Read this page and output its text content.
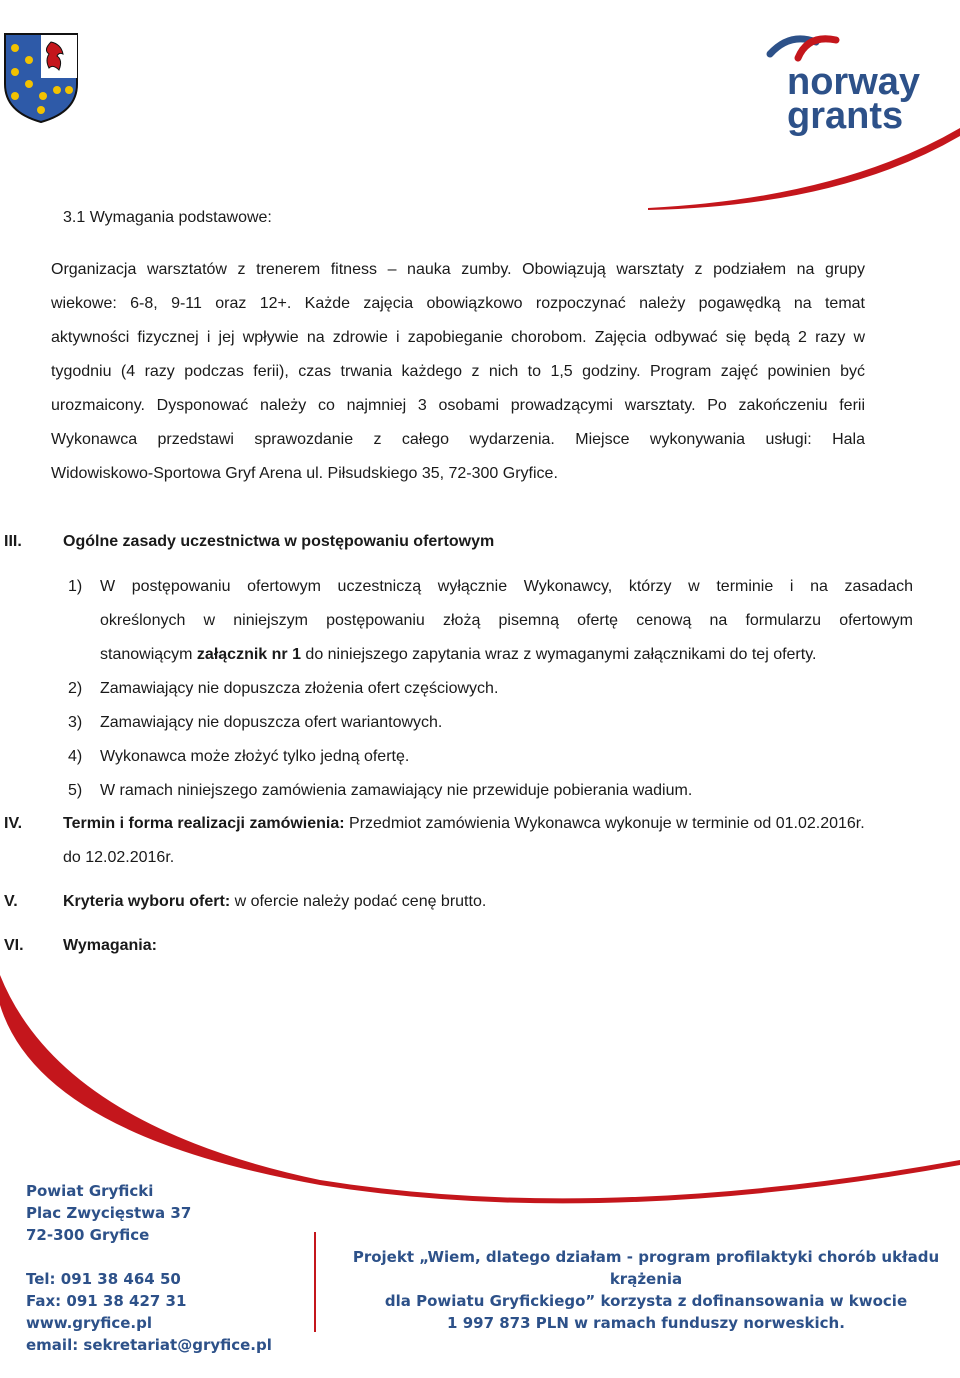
norway
grants
3.1 Wymagania podstawowe:
Organizacja warsztatów z trenerem fitness – nauka zumby. Obowiązują warsztaty z podziałem na grupy
wiekowe: 6-8, 9-11 oraz 12+. Każde zajęcia obowiązkowo rozpoczynać należy pogawędką na temat
aktywności fizycznej i jej wpływie na zdrowie i zapobieganie chorobom. Zajęcia odbywać się będą 2 razy w
tygodniu (4 razy podczas ferii), czas trwania każdego z nich to 1,5 godziny. Program zajęć powinien być
urozmaicony. Dysponować należy co najmniej 3 osobami prowadzącymi warsztaty. Po zakończeniu ferii
Wykonawca przedstawi sprawozdanie z całego wydarzenia. Miejsce wykonywania usługi: Hala
Widowiskowo-Sportowa Gryf Arena ul. Piłsudskiego 35, 72-300 Gryfice.
III.	Ogólne zasady uczestnictwa w postępowaniu ofertowym
1) W postępowaniu ofertowym uczestniczą wyłącznie Wykonawcy, którzy w terminie i na zasadach
określonych w niniejszym postępowaniu złożą pisemną ofertę cenową na formularzu ofertowym
stanowiącym załącznik nr 1 do niniejszego zapytania wraz z wymaganymi załącznikami do tej oferty.
2) Zamawiający nie dopuszcza złożenia ofert częściowych.
3) Zamawiający nie dopuszcza ofert wariantowych.
4) Wykonawca może złożyć tylko jedną ofertę.
5) W ramach niniejszego zamówienia zamawiający nie przewiduje pobierania wadium.
IV.	Termin i forma realizacji zamówienia: Przedmiot zamówienia Wykonawca wykonuje w terminie od 01.02.2016r.
do 12.02.2016r.
V.	Kryteria wyboru ofert: w ofercie należy podać cenę brutto.
VI.	Wymagania:
Powiat Gryficki
Plac Zwycięstwa 37
72-300 Gryfice
Tel: 091 38 464 50
Fax: 091 38 427 31
www.gryfice.pl
email: sekretariat@gryfice.pl
Projekt „Wiem, dlatego działam - program profilaktyki chorób układu krążenia
dla Powiatu Gryfickiego” korzysta z dofinansowania w kwocie
1 997 873 PLN w ramach funduszy norweskich.
